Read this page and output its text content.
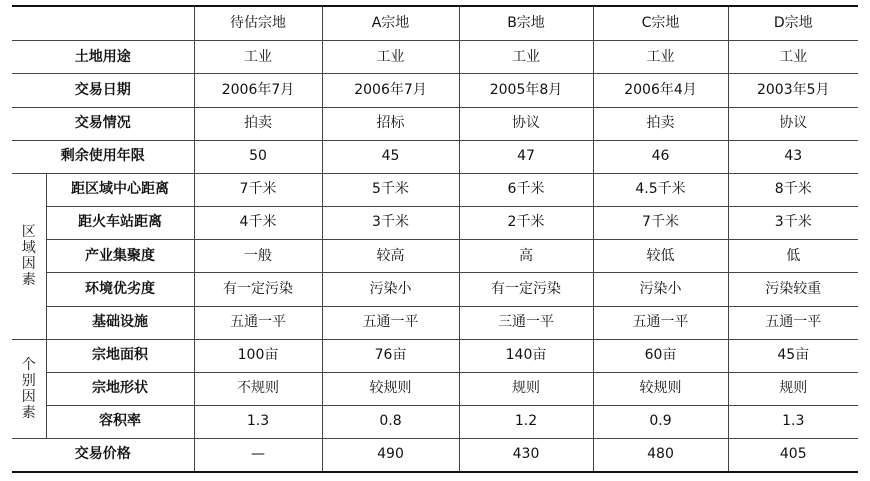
		待估宗地	A宗地	B宗地	C宗地	D宗地
土地用途		工业	工业	工业	工业	工业
交易日期		2006年7月	2006年7月	2005年8月	2006年4月	2003年5月
交易情况		拍卖	招标	协议	拍卖	协议
剩余使用年限		50	45	47	46	43
区域因素	距区域中心距离	7千米	5千米	6千米	4.5千米	8千米
	距火车站距离	4千米	3千米	2千米	7千米	3千米
	产业集聚度	一般	较高	高	较低	低
	环境优劣度	有一定污染	污染小	有一定污染	污染小	污染较重
	基础设施	五通一平	五通一平	三通一平	五通一平	五通一平
个别因素	宗地面积	100亩	76亩	140亩	60亩	45亩
	宗地形状	不规则	较规则	规则	较规则	规则
	容积率	1.3	0.8	1.2	0.9	1.3
交易价格		—	490	430	480	405
